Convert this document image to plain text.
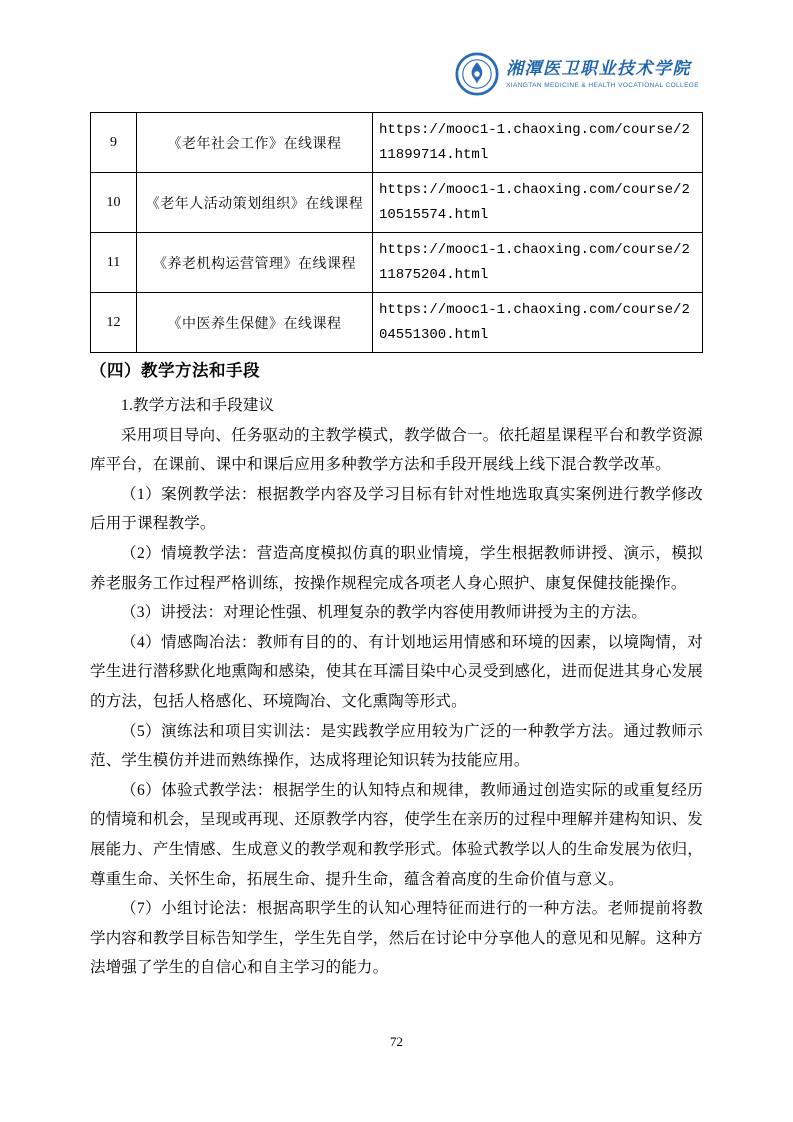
湘潭医卫职业技术学院
XIANGTAN MEDICINE & HEALTH VOCATIONAL COLLEGE
9	《老年社会工作》在线课程	https://mooc1-1.chaoxing.com/course/211899714.html
10	《老年人活动策划组织》在线课程	https://mooc1-1.chaoxing.com/course/210515574.html
11	《养老机构运营管理》在线课程	https://mooc1-1.chaoxing.com/course/211875204.html
12	《中医养生保健》在线课程	https://mooc1-1.chaoxing.com/course/204551300.html
（四）教学方法和手段

1.教学方法和手段建议

采用项目导向、任务驱动的主教学模式，教学做合一。依托超星课程平台和教学资源库平台，在课前、课中和课后应用多种教学方法和手段开展线上线下混合教学改革。

（1）案例教学法：根据教学内容及学习目标有针对性地选取真实案例进行教学修改后用于课程教学。

（2）情境教学法：营造高度模拟仿真的职业情境，学生根据教师讲授、演示，模拟养老服务工作过程严格训练，按操作规程完成各项老人身心照护、康复保健技能操作。

（3）讲授法：对理论性强、机理复杂的教学内容使用教师讲授为主的方法。

（4）情感陶冶法：教师有目的的、有计划地运用情感和环境的因素，以境陶情，对学生进行潜移默化地熏陶和感染，使其在耳濡目染中心灵受到感化，进而促进其身心发展的方法，包括人格感化、环境陶冶、文化熏陶等形式。

（5）演练法和项目实训法：是实践教学应用较为广泛的一种教学方法。通过教师示范、学生模仿并进而熟练操作，达成将理论知识转为技能应用。

（6）体验式教学法：根据学生的认知特点和规律，教师通过创造实际的或重复经历的情境和机会，呈现或再现、还原教学内容，使学生在亲历的过程中理解并建构知识、发展能力、产生情感、生成意义的教学观和教学形式。体验式教学以人的生命发展为依归，尊重生命、关怀生命，拓展生命、提升生命，蕴含着高度的生命价值与意义。

（7）小组讨论法：根据高职学生的认知心理特征而进行的一种方法。老师提前将教学内容和教学目标告知学生，学生先自学，然后在讨论中分享他人的意见和见解。这种方法增强了学生的自信心和自主学习的能力。

72
